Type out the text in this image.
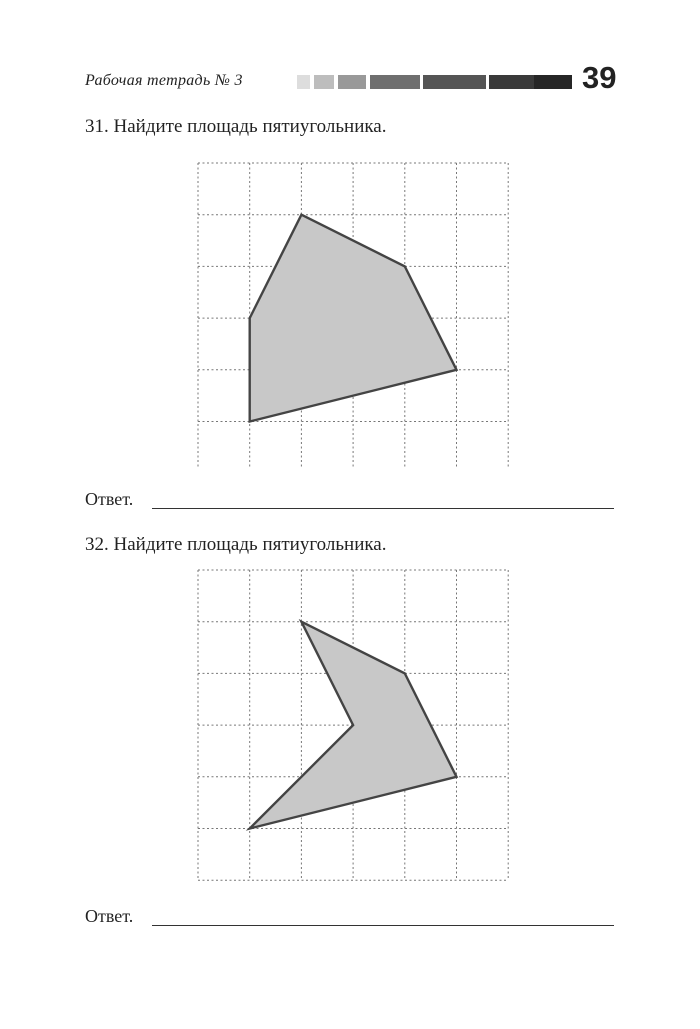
Рабочая тетрадь № 3	39
31. Найдите площадь пятиугольника.
Ответ.
32. Найдите площадь пятиугольника.
Ответ.
